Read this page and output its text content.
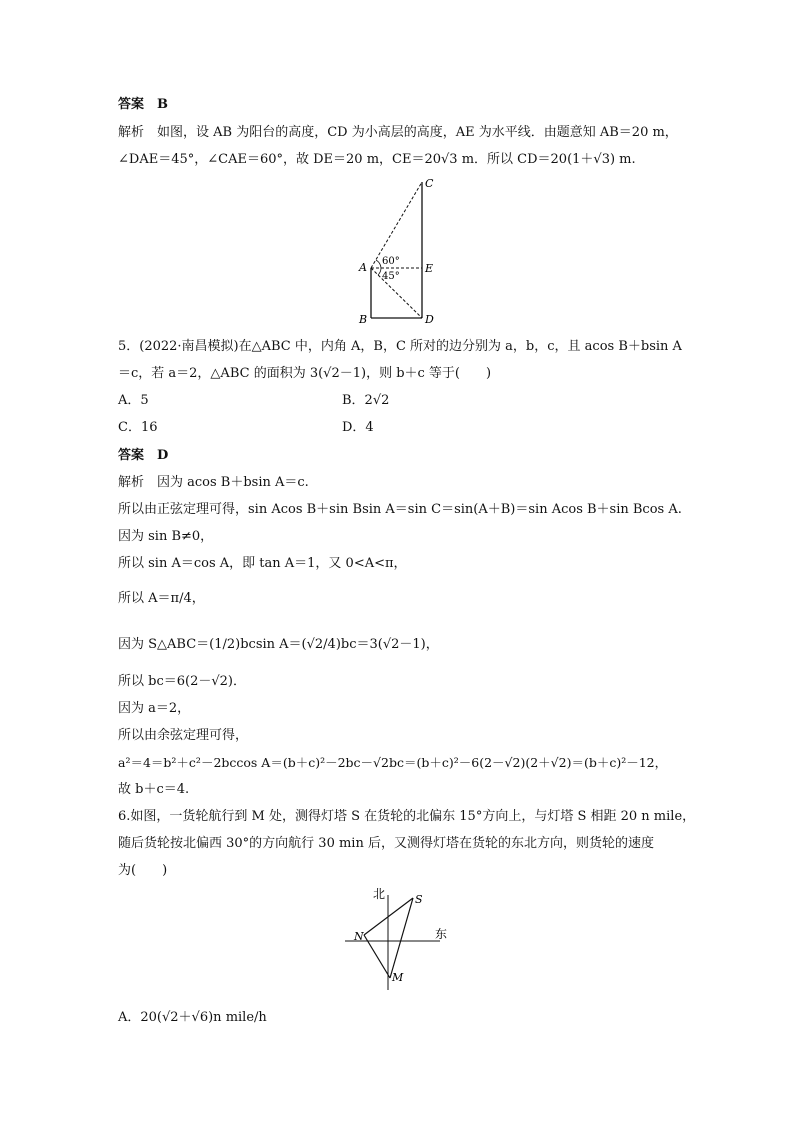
答案　B
解析　如图，设 AB 为阳台的高度，CD 为小高层的高度，AE 为水平线．由题意知 AB＝20 m，
∠DAE＝45°，∠CAE＝60°，故 DE＝20 m，CE＝20√3 m．所以 CD＝20(1＋√3) m.
C
A	E
B	D
60°
45°
5．(2022·南昌模拟)在△ABC 中，内角 A，B，C 所对的边分别为 a，b，c，且 acos B＋bsin A
＝c，若 a＝2，△ABC 的面积为 3(√2－1)，则 b＋c 等于(　　)
A．5	B．2√2
C．16	D．4
答案　D
解析　因为 acos B＋bsin A＝c.
所以由正弦定理可得，sin Acos B＋sin Bsin A＝sin C＝sin(A＋B)＝sin Acos B＋sin Bcos A.
因为 sin B≠0，
所以 sin A＝cos A，即 tan A＝1，又 0<A<π，
所以 A＝π/4，
因为 S△ABC＝(1/2)bcsin A＝(√2/4)bc＝3(√2－1)，
所以 bc＝6(2－√2)．
因为 a＝2，
所以由余弦定理可得，
a²＝4＝b²＋c²－2bccos A＝(b＋c)²－2bc－√2bc＝(b＋c)²－6(2－√2)(2＋√2)＝(b＋c)²－12，
故 b＋c＝4.
6.如图，一货轮航行到 M 处，测得灯塔 S 在货轮的北偏东 15°方向上，与灯塔 S 相距 20 n mile，
随后货轮按北偏西 30°的方向航行 30 min 后，又测得灯塔在货轮的东北方向，则货轮的速度
为(　　)
北
东
S
N
M
A．20(√2＋√6)n mile/h
